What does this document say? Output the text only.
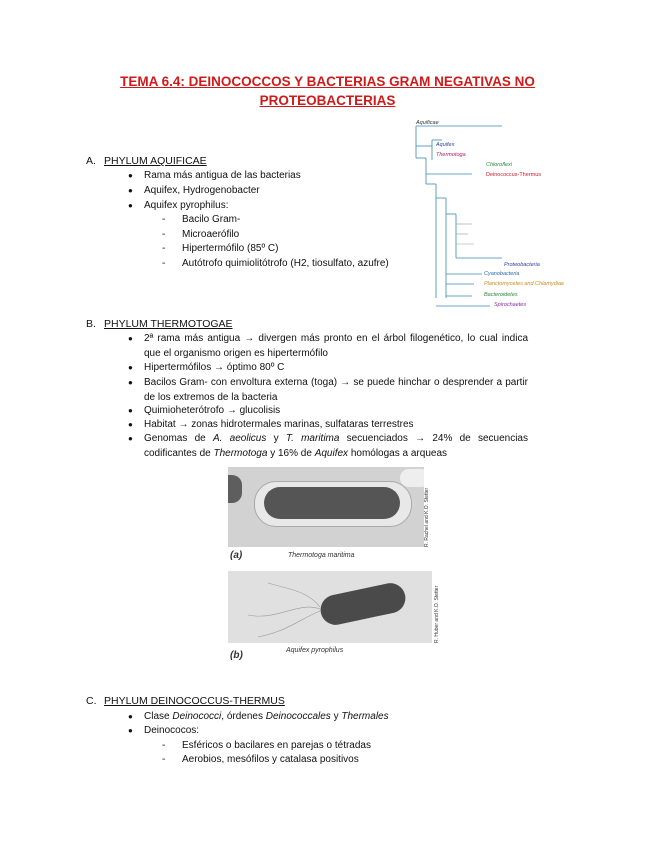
TEMA 6.4: DEINOCOCCOS Y BACTERIAS GRAM NEGATIVAS NO
PROTEOBACTERIAS
Aquificae
Aquifex
Thermotoga
Chloroflexi
Deinococcus-Thermus
Proteobacteria
Cyanobacteria
Planctomycetes and Chlamydiae
Bacteroidetes
Spirochaetes
A. PHYLUM AQUIFICAE
● Rama más antigua de las bacterias
● Aquifex, Hydrogenobacter
● Aquifex pyrophilus:
- Bacilo Gram-
- Microaerófilo
- Hipertermófilo (85º C)
- Autótrofo quimiolitótrofo (H2, tiosulfato, azufre)
B. PHYLUM THERMOTOGAE
● 2ª rama más antigua → divergen más pronto en el árbol filogenético, lo cual indica que el organismo origen es hipertermófilo
● Hipertermófilos → óptimo 80º C
● Bacilos Gram- con envoltura externa (toga) → se puede hinchar o desprender a partir de los extremos de la bacteria
● Quimioheterótrofo → glucolisis
● Habitat → zonas hidrotermales marinas, sulfataras terrestres
● Genomas de A. aeolicus y T. maritima secuenciados → 24% de secuencias codificantes de Thermotoga y 16% de Aquifex homólogas a arqueas
R. Rachel and K.O. Stetter
(a)	Thermotoga maritima
R. Huber and K.O. Stetter
(b)	Aquifex pyrophilus
C. PHYLUM DEINOCOCCUS-THERMUS
● Clase Deinococci, órdenes Deinococcales y Thermales
● Deinococos:
- Esféricos o bacilares en parejas o tétradas
- Aerobios, mesófilos y catalasa positivos
